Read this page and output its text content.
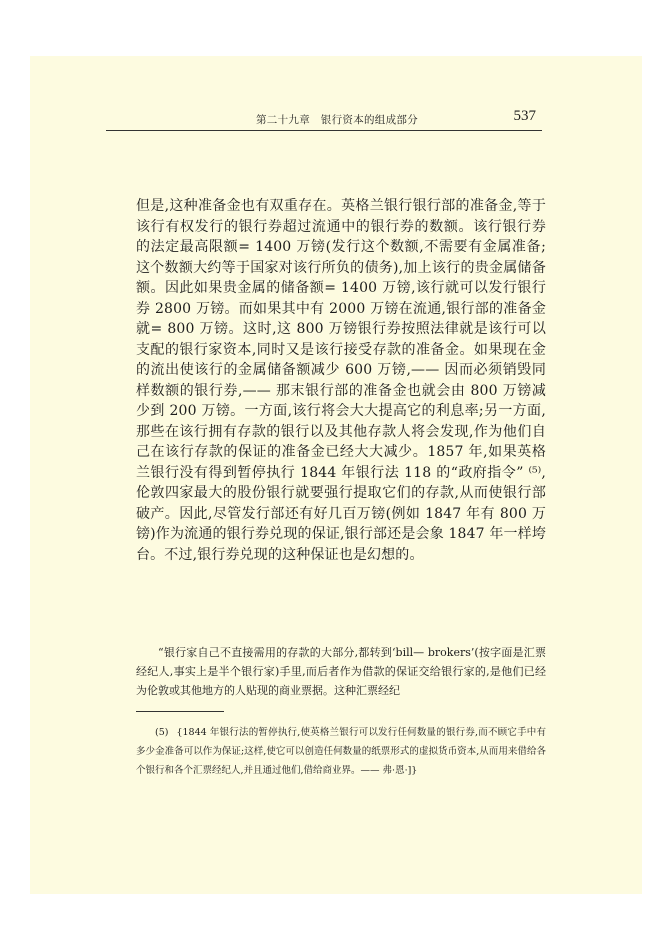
第二十九章　银行资本的组成部分	537

但是,这种准备金也有双重存在。英格兰银行银行部的准备金,等于该行有权发行的银行券超过流通中的银行券的数额。该行银行券的法定最高限额= 1400 万镑(发行这个数额,不需要有金属准备;这个数额大约等于国家对该行所负的债务),加上该行的贵金属储备额。因此如果贵金属的储备额= 1400 万镑,该行就可以发行银行券 2800 万镑。而如果其中有 2000 万镑在流通,银行部的准备金就= 800 万镑。这时,这 800 万镑银行券按照法律就是该行可以支配的银行家资本,同时又是该行接受存款的准备金。如果现在金的流出使该行的金属储备额减少 600 万镑,—— 因而必须销毁同样数额的银行券,—— 那末银行部的准备金也就会由 800 万镑减少到 200 万镑。一方面,该行将会大大提高它的利息率;另一方面,那些在该行拥有存款的银行以及其他存款人将会发现,作为他们自己在该行存款的保证的准备金已经大大减少。1857 年,如果英格兰银行没有得到暂停执行 1844 年银行法 118 的“政府指令” ⁽⁵⁾,伦敦四家最大的股份银行就要强行提取它们的存款,从而使银行部破产。因此,尽管发行部还有好几百万镑(例如 1847 年有 800 万镑)作为流通的银行券兑现的保证,银行部还是会象 1847 年一样垮台。不过,银行券兑现的这种保证也是幻想的。

“银行家自己不直接需用的存款的大部分,都转到‘bill— brokers’(按字面是汇票经纪人,事实上是半个银行家)手里,而后者作为借款的保证交给银行家的,是他们已经为伦敦或其他地方的人贴现的商业票据。这种汇票经纪

(5) {1844 年银行法的暂停执行,使英格兰银行可以发行任何数量的银行券,而不顾它手中有多少金准备可以作为保证;这样,使它可以创造任何数量的纸票形式的虚拟货币资本,从而用来借给各个银行和各个汇票经纪人,并且通过他们,借给商业界。—— 弗·恩·]}
